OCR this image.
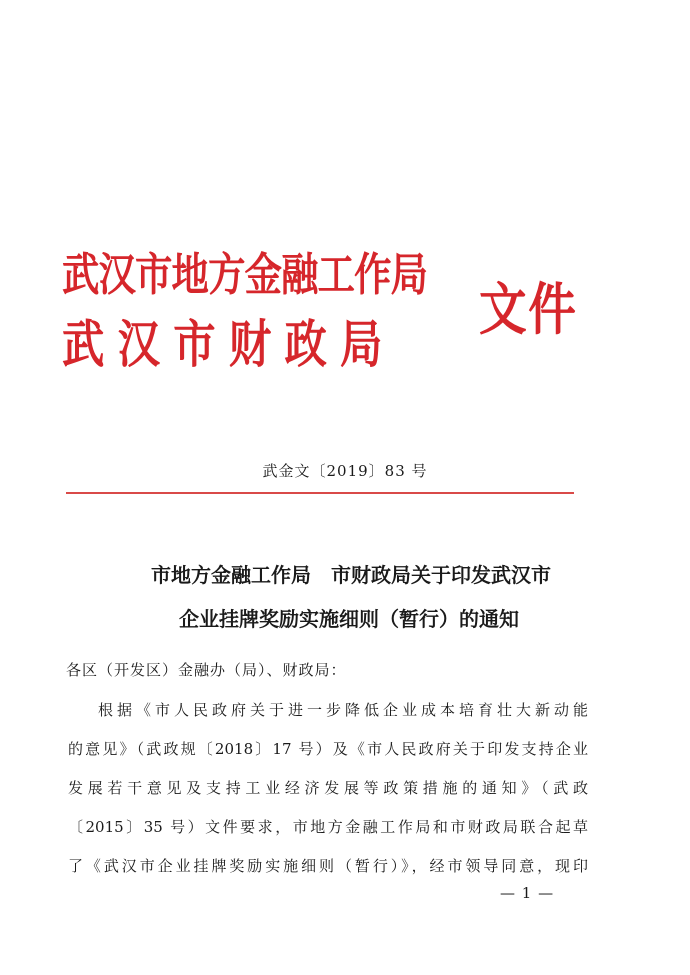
武汉市地方金融工作局
武汉市财政局
文件
武金文〔2019〕83 号
市地方金融工作局　市财政局关于印发武汉市
企业挂牌奖励实施细则（暂行）的通知
各区（开发区）金融办（局）、财政局：
根据《市人民政府关于进一步降低企业成本培育壮大新动能
的意见》（武政规〔2018〕17 号）及《市人民政府关于印发支持企业
发展若干意见及支持工业经济发展等政策措施的通知》（武政
〔2015〕35 号）文件要求，市地方金融工作局和市财政局联合起草
了《武汉市企业挂牌奖励实施细则（暂行）》，经市领导同意，现印
— 1 —
